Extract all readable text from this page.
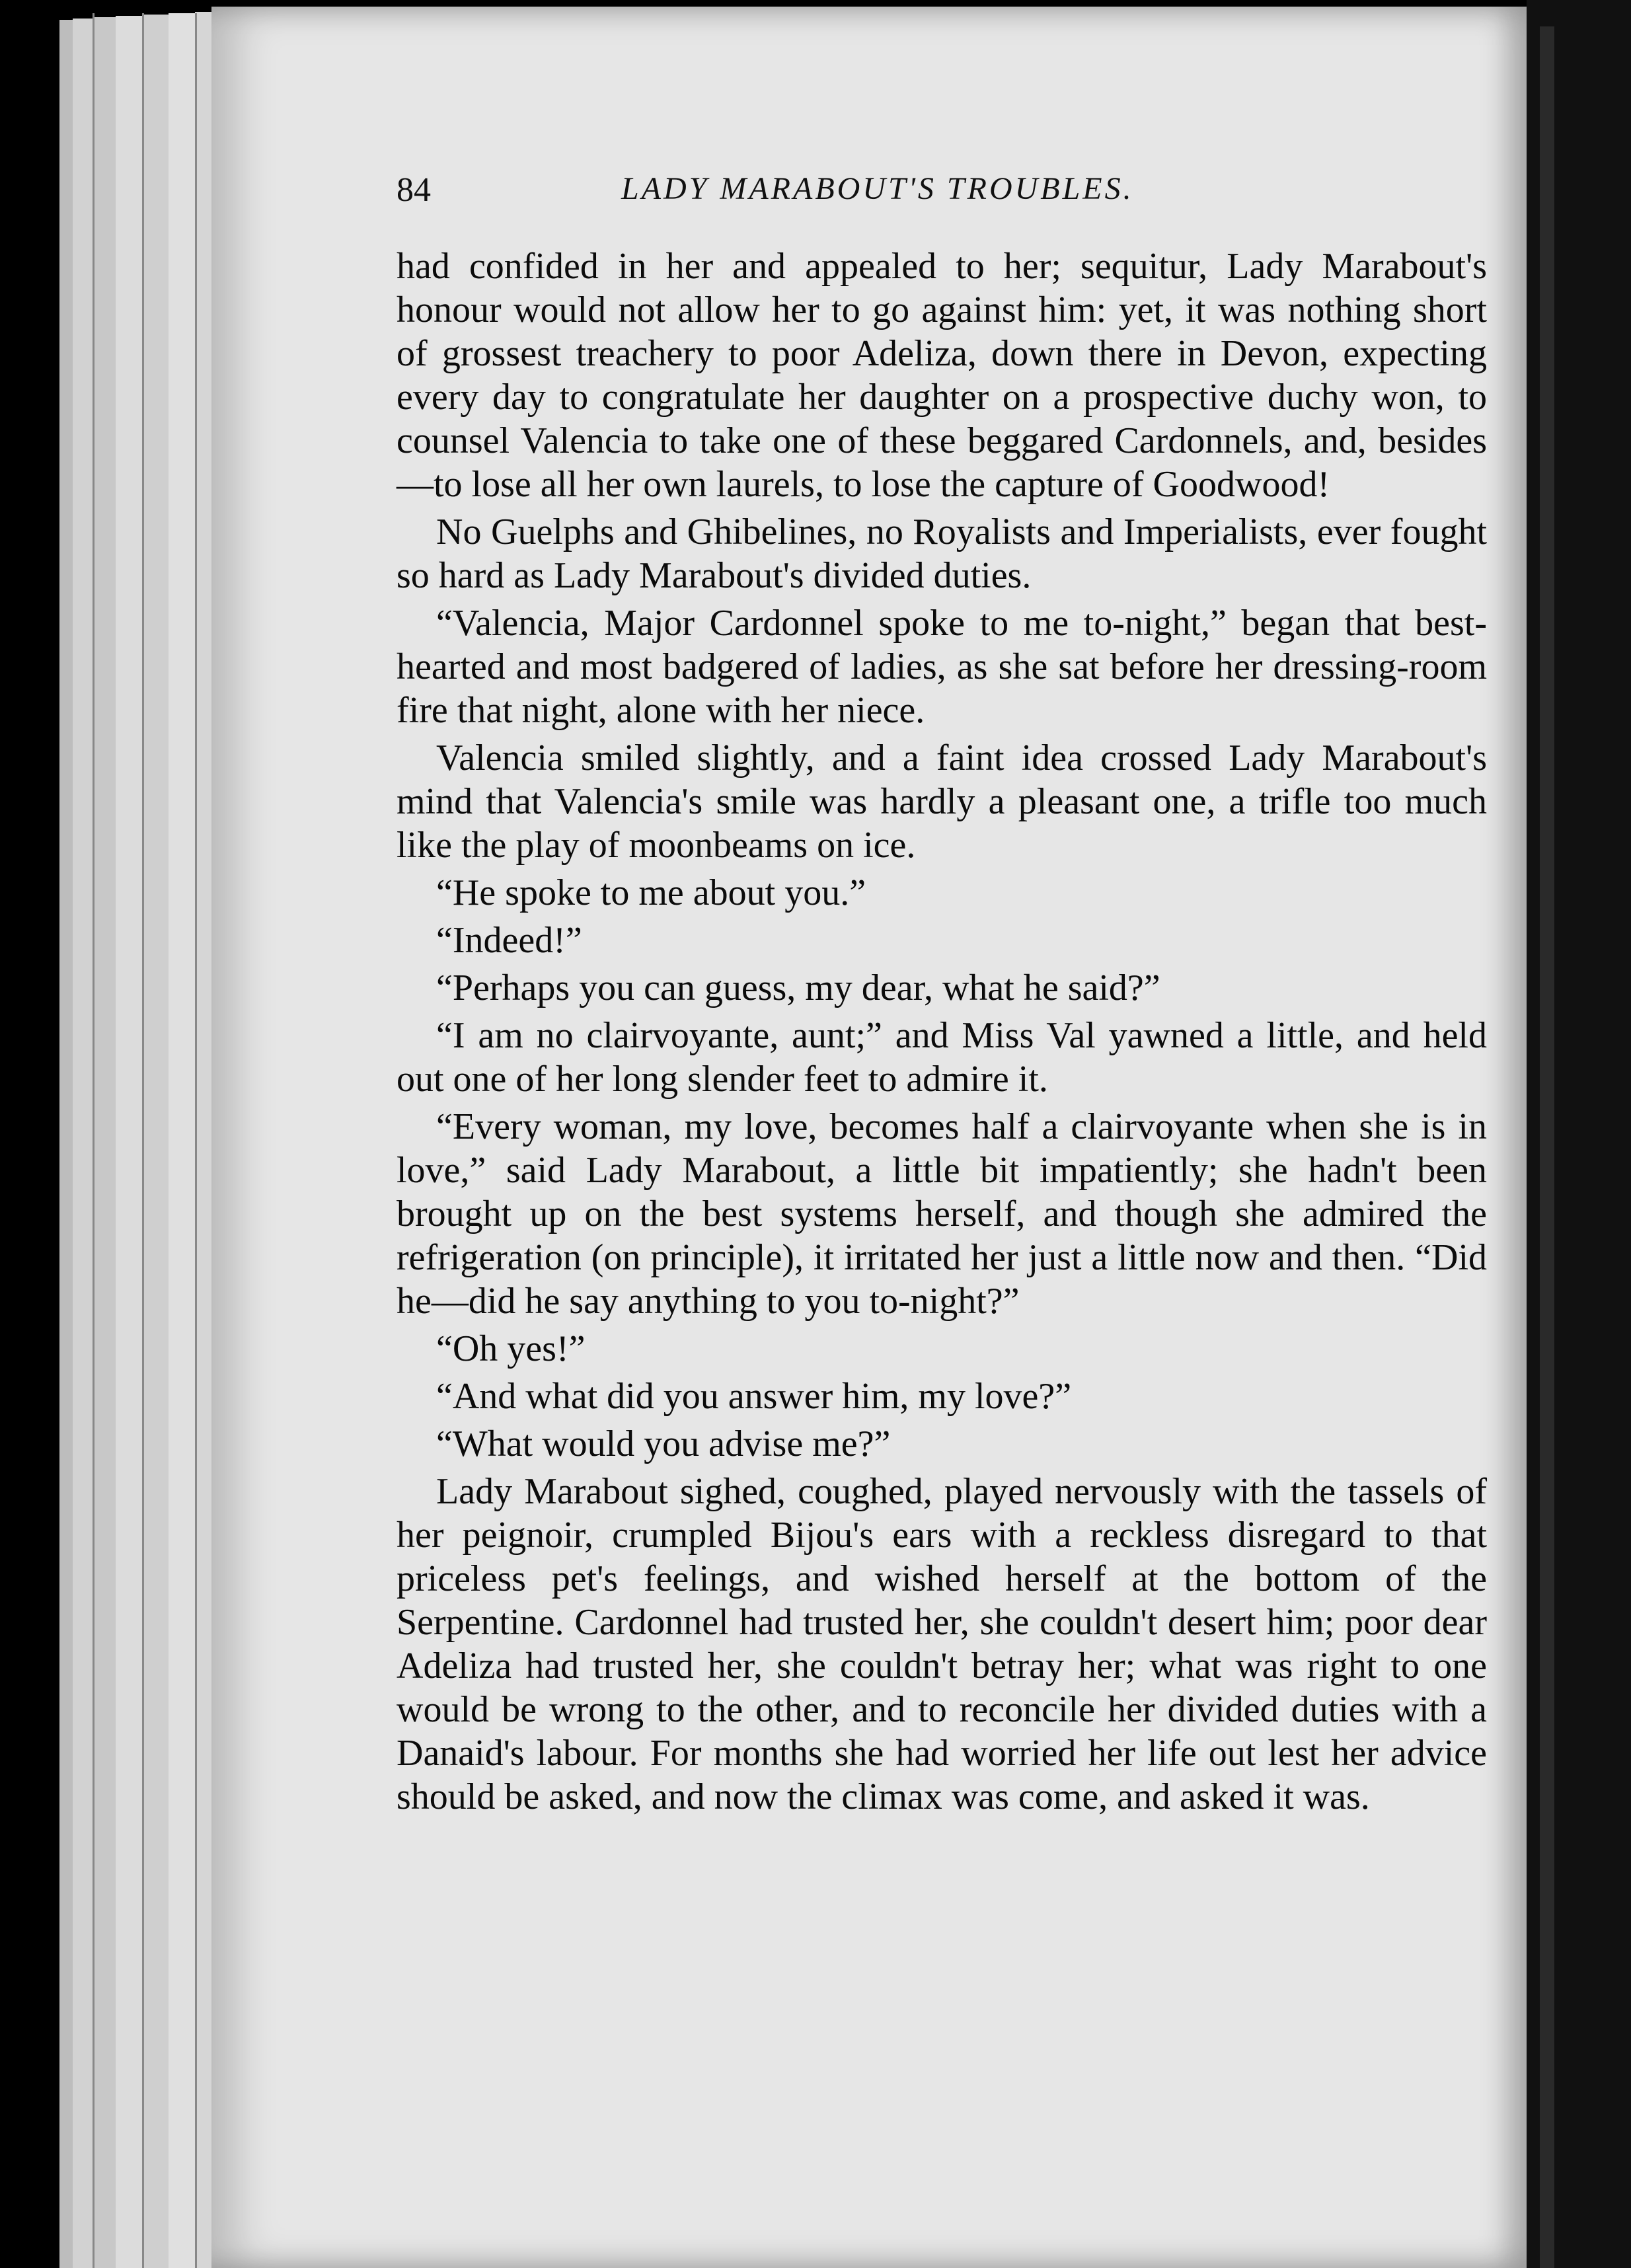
84	LADY MARABOUT'S TROUBLES.

had confided in her and appealed to her; sequitur, Lady Marabout's honour would not allow her to go against him: yet, it was nothing short of grossest treachery to poor Adeliza, down there in Devon, expecting every day to congratulate her daughter on a prospective duchy won, to counsel Valencia to take one of these beggared Cardonnels, and, besides—to lose all her own laurels, to lose the capture of Goodwood!

No Guelphs and Ghibelines, no Royalists and Imperialists, ever fought so hard as Lady Marabout's divided duties.

“Valencia, Major Cardonnel spoke to me to-night,” began that best-hearted and most badgered of ladies, as she sat before her dressing-room fire that night, alone with her niece.

Valencia smiled slightly, and a faint idea crossed Lady Marabout's mind that Valencia's smile was hardly a pleasant one, a trifle too much like the play of moonbeams on ice.

“He spoke to me about you.”

“Indeed!”

“Perhaps you can guess, my dear, what he said?”

“I am no clairvoyante, aunt;” and Miss Val yawned a little, and held out one of her long slender feet to admire it.

“Every woman, my love, becomes half a clairvoyante when she is in love,” said Lady Marabout, a little bit impatiently; she hadn't been brought up on the best systems herself, and though she admired the refrigeration (on principle), it irritated her just a little now and then. “Did he—did he say anything to you to-night?”

“Oh yes!”

“And what did you answer him, my love?”

“What would you advise me?”

Lady Marabout sighed, coughed, played nervously with the tassels of her peignoir, crumpled Bijou's ears with a reckless disregard to that priceless pet's feelings, and wished herself at the bottom of the Serpentine. Cardonnel had trusted her, she couldn't desert him; poor dear Adeliza had trusted her, she couldn't betray her; what was right to one would be wrong to the other, and to reconcile her divided duties with a Danaid's labour. For months she had worried her life out lest her advice should be asked, and now the climax was come, and asked it was.
